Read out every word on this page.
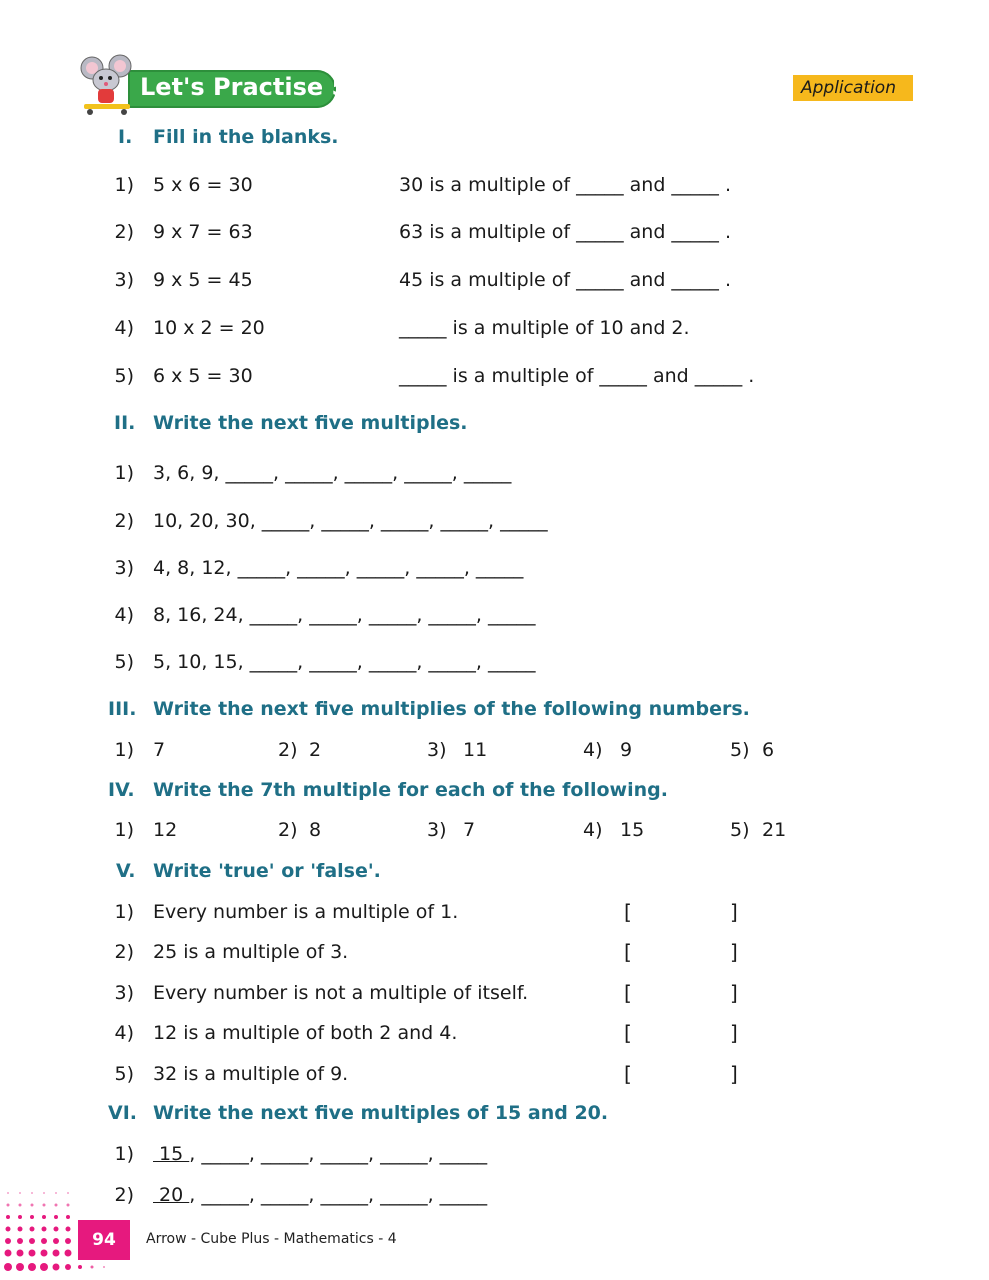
Let's Practise 5.1	Application
I. Fill in the blanks.
1) 5 x 6 = 30	30 is a multiple of _____ and _____ .
2) 9 x 7 = 63	63 is a multiple of _____ and _____ .
3) 9 x 5 = 45	45 is a multiple of _____ and _____ .
4) 10 x 2 = 20	_____ is a multiple of 10 and 2.
5) 6 x 5 = 30	_____ is a multiple of _____ and _____ .
II. Write the next five multiples.
1) 3, 6, 9, _____, _____, _____, _____, _____
2) 10, 20, 30, _____, _____, _____, _____, _____
3) 4, 8, 12, _____, _____, _____, _____, _____
4) 8, 16, 24, _____, _____, _____, _____, _____
5) 5, 10, 15, _____, _____, _____, _____, _____
III. Write the next five multiplies of the following numbers.
1) 7	2) 2	3) 11	4) 9	5) 6
IV. Write the 7th multiple for each of the following.
1) 12	2) 8	3) 7	4) 15	5) 21
V. Write 'true' or 'false'.
1) Every number is a multiple of 1.	[	]
2) 25 is a multiple of 3.	[	]
3) Every number is not a multiple of itself.	[	]
4) 12 is a multiple of both 2 and 4.	[	]
5) 32 is a multiple of 9.	[	]
VI. Write the next five multiples of 15 and 20.
1) 15 , _____, _____, _____, _____, _____
2) 20 , _____, _____, _____, _____, _____
94	Arrow - Cube Plus - Mathematics - 4
